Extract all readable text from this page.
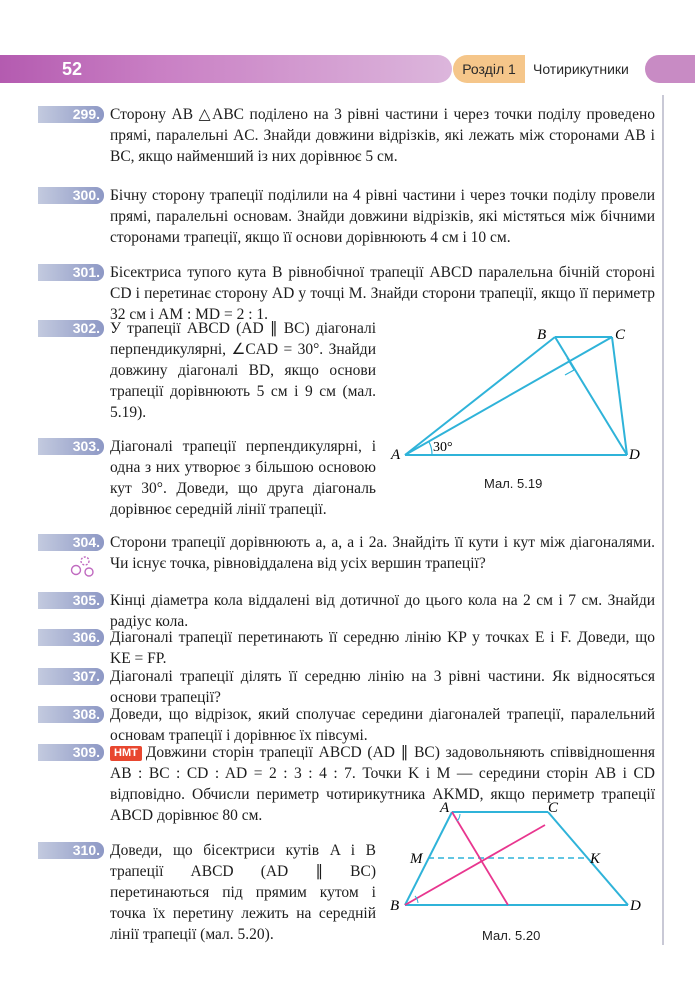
52	Розділ 1	Чотирикутники
299. Сторону AB △ABC поділено на 3 рівні частини і через точки поділу проведено прямі, паралельні AC. Знайди довжини відрізків, які лежать між сторонами AB і BC, якщо найменший із них дорівнює 5 см.
300. Бічну сторону трапеції поділили на 4 рівні частини і через точки поділу провели прямі, паралельні основам. Знайди довжини відрізків, які містяться між бічними сторонами трапеції, якщо її основи дорівнюють 4 см і 10 см.
301. Бісектриса тупого кута B рівнобічної трапеції ABCD паралельна бічній стороні CD і перетинає сторону AD у точці M. Знайди сторони трапеції, якщо її периметр 32 см і AM : MD = 2 : 1.
302. У трапеції ABCD (AD ∥ BC) діагоналі перпендикулярні, ∠CAD = 30°. Знайди довжину діагоналі BD, якщо основи трапеції дорівнюють 5 см і 9 см (мал. 5.19).
303. Діагоналі трапеції перпендикулярні, і одна з них утворює з більшою основою кут 30°. Доведи, що друга діагональ дорівнює середній лінії трапеції.
A
B	C
D
30°
Мал. 5.19
304. Сторони трапеції дорівнюють a, a, a і 2a. Знайдіть її кути і кут між діагоналями. Чи існує точка, рівновіддалена від усіх вершин трапеції?
305. Кінці діаметра кола віддалені від дотичної до цього кола на 2 см і 7 см. Знайди радіус кола.
306. Діагоналі трапеції перетинають її середню лінію KP у точках E і F. Доведи, що KE = FP.
307. Діагоналі трапеції ділять її середню лінію на 3 рівні частини. Як відносяться основи трапеції?
308. Доведи, що відрізок, який сполучає середини діагоналей трапеції, паралельний основам трапеції і дорівнює їх півсумі.
309.	НМТ Довжини сторін трапеції ABCD (AD ∥ BC) задовольняють співвідношення AB : BC : CD : AD = 2 : 3 : 4 : 7. Точки K і M — середини сторін AB і CD відповідно. Обчисли периметр чотирикутника AKMD, якщо периметр трапеції ABCD дорівнює 80 см.
310. Доведи, що бісектриси кутів A і B трапеції ABCD (AD ∥ BC) перетинаються під прямим кутом і точка їх перетину лежить на середній лінії трапеції (мал. 5.20).
A	C
B	D
M	K
Мал. 5.20
